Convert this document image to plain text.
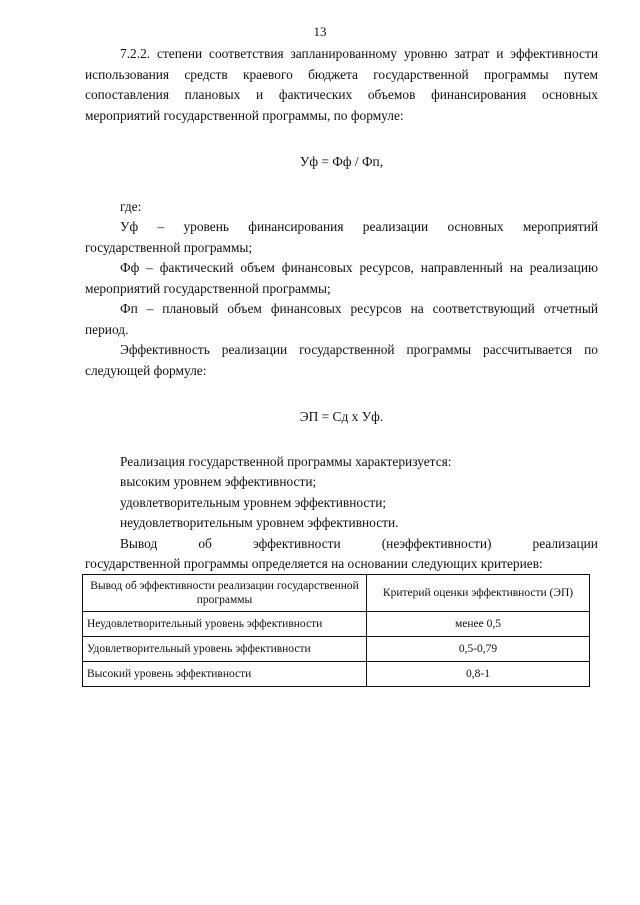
13

7.2.2. степени соответствия запланированному уровню затрат и эффективности использования средств краевого бюджета государственной программы путем сопоставления плановых и фактических объемов финансирования основных мероприятий государственной программы, по формуле:

Уф = Фф / Фп,

где:

Уф – уровень финансирования реализации основных мероприятий государственной программы;

Фф – фактический объем финансовых ресурсов, направленный на реализацию мероприятий государственной программы;

Фп – плановый объем финансовых ресурсов на соответствующий отчетный период.

Эффективность реализации государственной программы рассчитывается по следующей формуле:

ЭП = Сд x Уф.

Реализация государственной программы характеризуется:

высоким уровнем эффективности;

удовлетворительным уровнем эффективности;

неудовлетворительным уровнем эффективности.

Вывод	об	эффективности	(неэффективности)	реализации

государственной программы определяется на основании следующих критериев:

Вывод об эффективности реализации государственной программы	Критерий оценки эффективности (ЭП)
Неудовлетворительный уровень эффективности	менее 0,5
Удовлетворительный уровень эффективности	0,5-0,79
Высокий уровень эффективности	0,8-1
